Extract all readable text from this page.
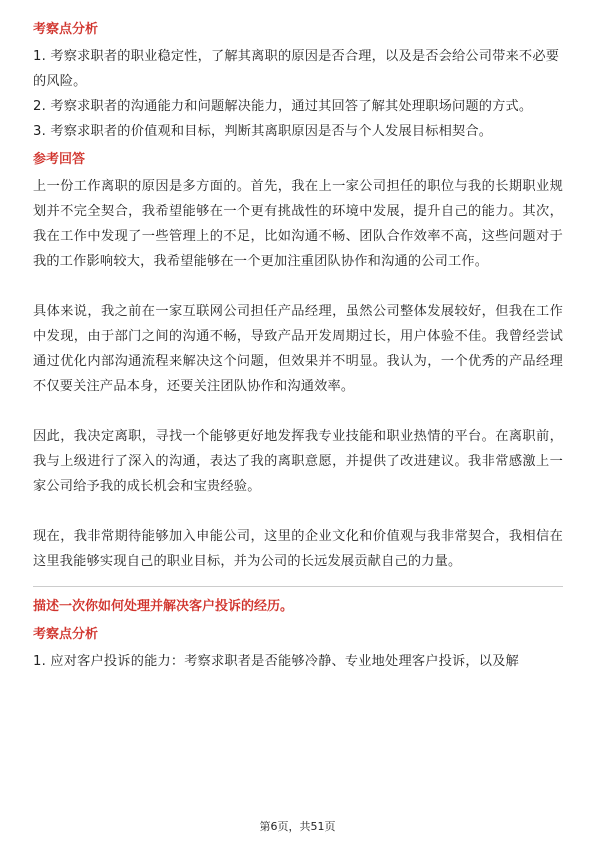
考察点分析

1. 考察求职者的职业稳定性，了解其离职的原因是否合理，以及是否会给公司带来不必要的风险。

2. 考察求职者的沟通能力和问题解决能力，通过其回答了解其处理职场问题的方式。

3. 考察求职者的价值观和目标，判断其离职原因是否与个人发展目标相契合。

参考回答

上一份工作离职的原因是多方面的。首先，我在上一家公司担任的职位与我的长期职业规划并不完全契合，我希望能够在一个更有挑战性的环境中发展，提升自己的能力。其次，我在工作中发现了一些管理上的不足，比如沟通不畅、团队合作效率不高，这些问题对于我的工作影响较大，我希望能够在一个更加注重团队协作和沟通的公司工作。

具体来说，我之前在一家互联网公司担任产品经理，虽然公司整体发展较好，但我在工作中发现，由于部门之间的沟通不畅，导致产品开发周期过长，用户体验不佳。我曾经尝试通过优化内部沟通流程来解决这个问题，但效果并不明显。我认为，一个优秀的产品经理不仅要关注产品本身，还要关注团队协作和沟通效率。

因此，我决定离职，寻找一个能够更好地发挥我专业技能和职业热情的平台。在离职前，我与上级进行了深入的沟通，表达了我的离职意愿，并提供了改进建议。我非常感激上一家公司给予我的成长机会和宝贵经验。

现在，我非常期待能够加入申能公司，这里的企业文化和价值观与我非常契合，我相信在这里我能够实现自己的职业目标，并为公司的长远发展贡献自己的力量。

描述一次你如何处理并解决客户投诉的经历。
考察点分析

1. 应对客户投诉的能力：考察求职者是否能够冷静、专业地处理客户投诉，以及解

第6页，共51页
